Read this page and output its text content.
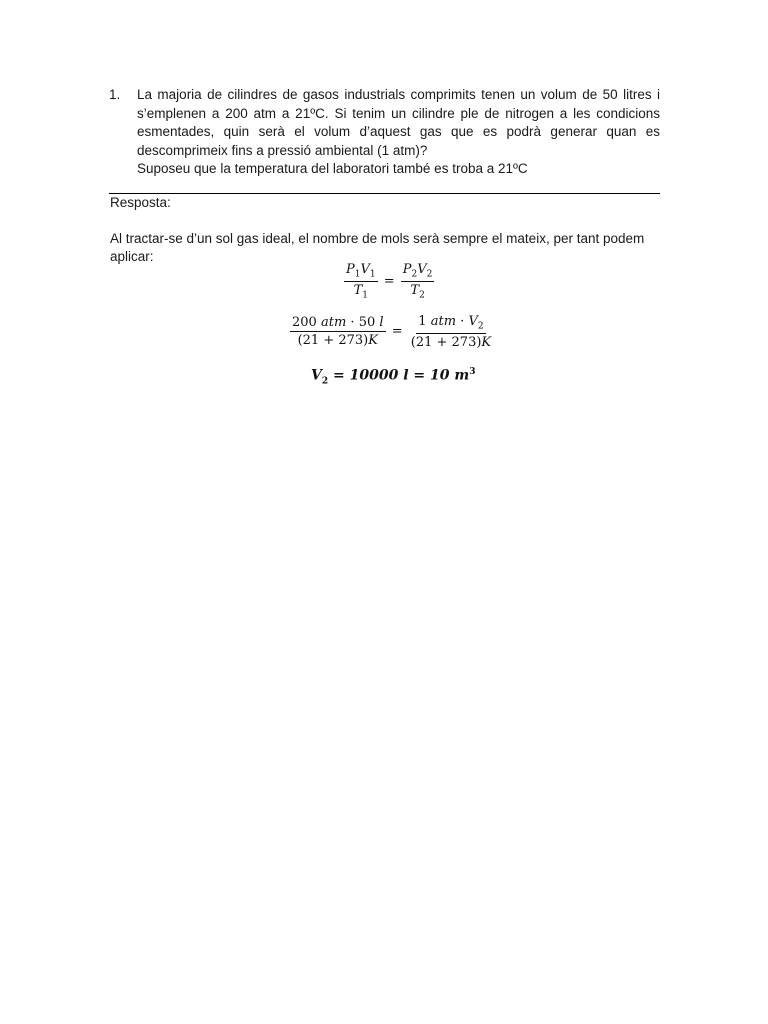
1. La majoria de cilindres de gasos industrials comprimits tenen un volum de 50 litres i s’emplenen a 200 atm a 21ºC. Si tenim un cilindre ple de nitrogen a les condicions esmentades, quin serà el volum d’aquest gas que es podrà generar quan es descomprimeix fins a pressió ambiental (1 atm)?

Suposeu que la temperatura del laboratori també es troba a 21ºC

Resposta:
Al tractar-se d’un sol gas ideal, el nombre de mols serà sempre el mateix, per tant podem aplicar:
$\frac{P_1V_1}{T_1} = \frac{P_2V_2}{T_2}$
$\frac{\text{200 atm · 50 l}}{(21 + 273)K} = \frac{1 atm \cdot V_2}{(21 + 273)K}$
$V_2 = 10000$ l = 10 $m^3$
